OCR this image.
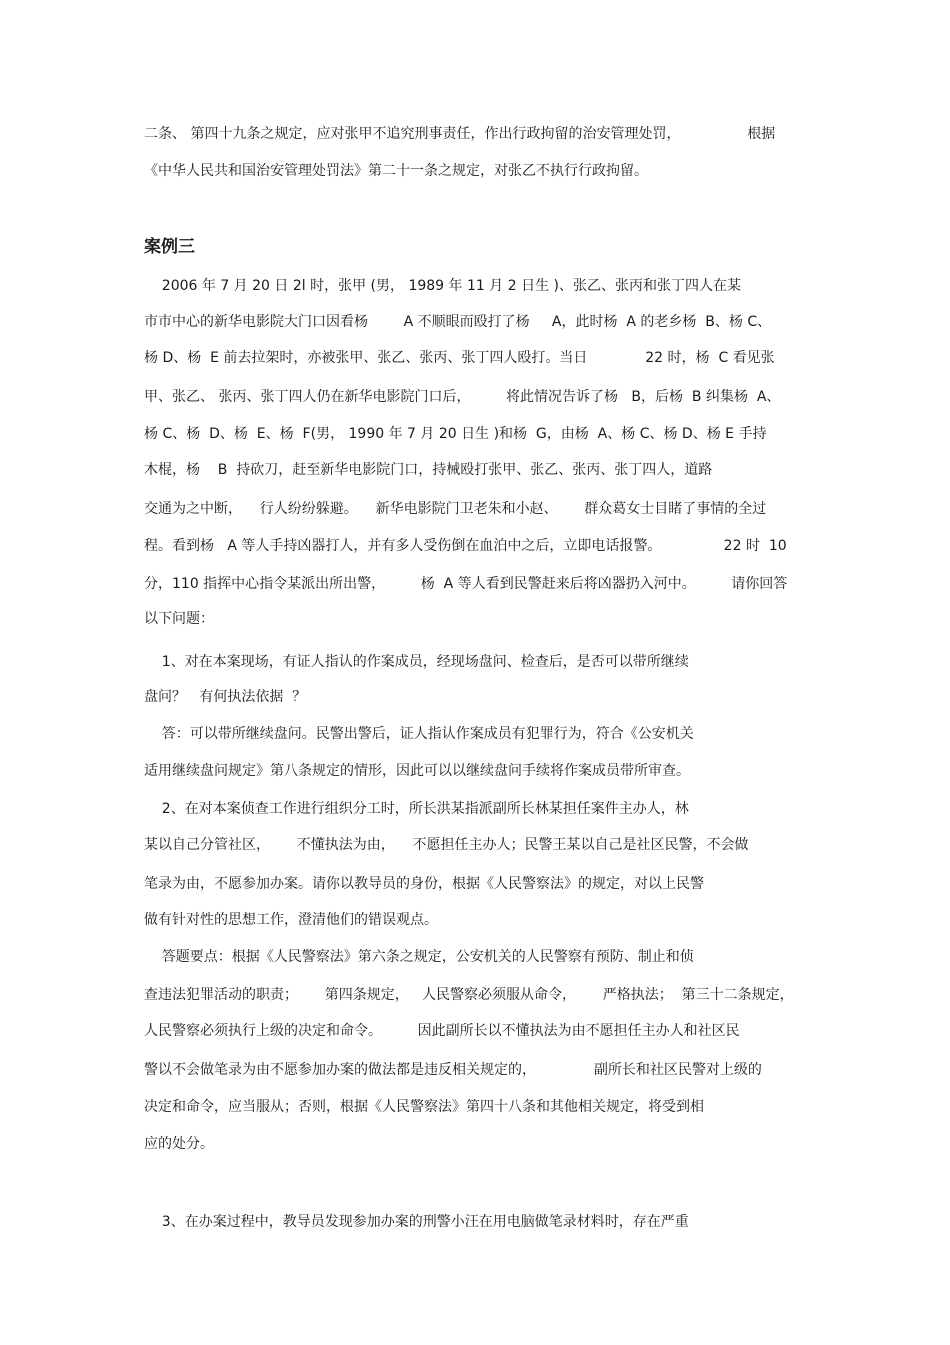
二条、 第四十九条之规定，应对张甲不追究刑事责任，作出行政拘留的治安管理处罚，               根据

《中华人民共和国治安管理处罚法》第二十一条之规定，对张乙不执行行政拘留。

案例三

2006 年 7 月 20 日 2l 时，张甲 (男， 1989 年 11 月 2 日生 )、张乙、张丙和张丁四人在某

市市中心的新华电影院大门口因看杨        A 不顺眼而殴打了杨     A，此时杨  A 的老乡杨  B、杨 C、

杨 D、杨  E 前去拉架时，亦被张甲、张乙、张丙、张丁四人殴打。当日             22 时，杨  C 看见张

甲、张乙、 张丙、张丁四人仍在新华电影院门口后，        将此情况告诉了杨   B，后杨  B 纠集杨  A、

杨 C、杨  D、杨  E、杨  F(男， 1990 年 7 月 20 日生 )和杨  G，由杨  A、杨 C、杨 D、杨 E 手持

木棍，杨    B  持砍刀，赶至新华电影院门口，持械殴打张甲、张乙、张丙、张丁四人，道路

交通为之中断，    行人纷纷躲避。    新华电影院门卫老朱和小赵、      群众葛女士目睹了事情的全过

程。看到杨   A 等人手持凶器打人，并有多人受伤倒在血泊中之后，立即电话报警。              22 时  10

分，110 指挥中心指令某派出所出警，        杨  A 等人看到民警赶来后将凶器扔入河中。        请你回答

以下问题：

1、对在本案现场，有证人指认的作案成员，经现场盘问、检查后，是否可以带所继续

盘问？   有何执法依据  ？

答：可以带所继续盘问。民警出警后，证人指认作案成员有犯罪行为，符合《公安机关

适用继续盘问规定》第八条规定的情形，因此可以以继续盘问手续将作案成员带所审查。

2、在对本案侦查工作进行组织分工时，所长洪某指派副所长林某担任案件主办人，林

某以自己分管社区，      不懂执法为由，    不愿担任主办人；民警王某以自己是社区民警，不会做

笔录为由，不愿参加办案。请你以教导员的身份，根据《人民警察法》的规定，对以上民警

做有针对性的思想工作，澄清他们的错误观点。

答题要点：根据《人民警察法》第六条之规定，公安机关的人民警察有预防、制止和侦

查违法犯罪活动的职责；      第四条规定，   人民警察必须服从命令，      严格执法；  第三十二条规定，

人民警察必须执行上级的决定和命令。        因此副所长以不懂执法为由不愿担任主办人和社区民

警以不会做笔录为由不愿参加办案的做法都是违反相关规定的，             副所长和社区民警对上级的

决定和命令，应当服从；否则，根据《人民警察法》第四十八条和其他相关规定，将受到相

应的处分。

3、在办案过程中，教导员发现参加办案的刑警小汪在用电脑做笔录材料时，存在严重
